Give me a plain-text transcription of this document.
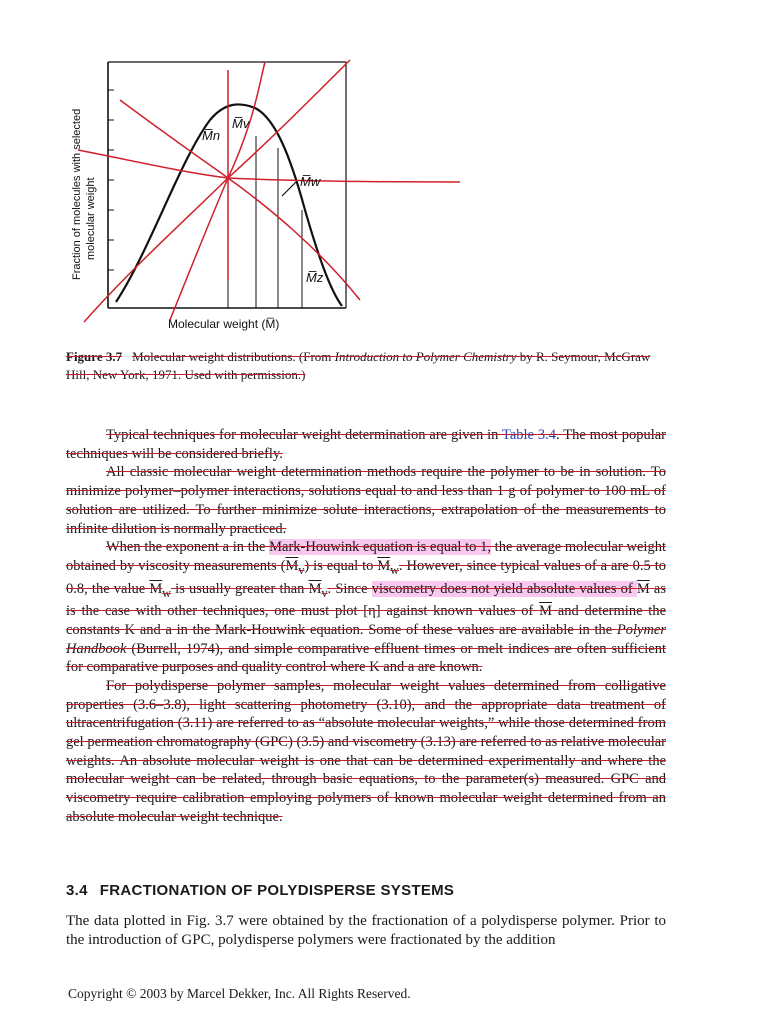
M̅n
M̅v
M̅w
M̅z
Molecular weight (M̅)
Fraction of molecules with selected molecular weight
Figure 3.7 Molecular weight distributions. (From Introduction to Polymer Chemistry by R. Seymour, McGraw Hill, New York, 1971. Used with permission.)

Typical techniques for molecular weight determination are given in Table 3.4. The most popular techniques will be considered briefly.

All classic molecular weight determination methods require the polymer to be in solution. To minimize polymer–polymer interactions, solutions equal to and less than 1 g of polymer to 100 mL of solution are utilized. To further minimize solute interactions, extrapolation of the measurements to infinite dilution is normally practiced.

When the exponent a in the Mark-Houwink equation is equal to 1, the average molecular weight obtained by viscosity measurements $(M_v)$ is equal to $M_w$. However, since typical values of a are 0.5 to 0.8, the value $M_w$ is usually greater than $M_v$. Since viscometry does not yield absolute values of M as is the case with other techniques, one must plot [η] against known values of M and determine the constants K and a in the Mark-Houwink equation. Some of these values are available in the Polymer Handbook (Burrell, 1974), and simple comparative effluent times or melt indices are often sufficient for comparative purposes and quality control where K and a are known.

For polydisperse polymer samples, molecular weight values determined from colligative properties (3.6–3.8), light scattering photometry (3.10), and the appropriate data treatment of ultracentrifugation (3.11) are referred to as “absolute molecular weights,” while those determined from gel permeation chromatography (GPC) (3.5) and viscometry (3.13) are referred to as relative molecular weights. An absolute molecular weight is one that can be determined experimentally and where the molecular weight can be related, through basic equations, to the parameter(s) measured. GPC and viscometry require calibration employing polymers of known molecular weight determined from an absolute molecular weight technique.

3.4 FRACTIONATION OF POLYDISPERSE SYSTEMS
The data plotted in Fig. 3.7 were obtained by the fractionation of a polydisperse polymer. Prior to the introduction of GPC, polydisperse polymers were fractionated by the addition
Copyright © 2003 by Marcel Dekker, Inc. All Rights Reserved.
